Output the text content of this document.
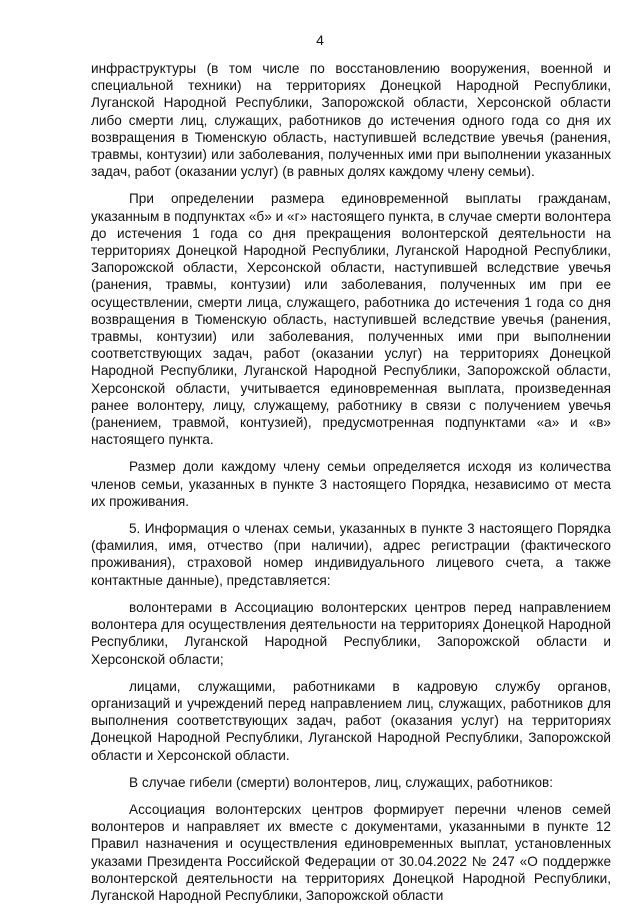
4

инфраструктуры (в том числе по восстановлению вооружения, военной и специальной техники) на территориях Донецкой Народной Республики, Луганской Народной Республики, Запорожской области, Херсонской области либо смерти лиц, служащих, работников до истечения одного года со дня их возвращения в Тюменскую область, наступившей вследствие увечья (ранения, травмы, контузии) или заболевания, полученных ими при выполнении указанных задач, работ (оказании услуг) (в равных долях каждому члену семьи).

При определении размера единовременной выплаты гражданам, указанным в подпунктах «б» и «г» настоящего пункта, в случае смерти волонтера до истечения 1 года со дня прекращения волонтерской деятельности на территориях Донецкой Народной Республики, Луганской Народной Республики, Запорожской области, Херсонской области, наступившей вследствие увечья (ранения, травмы, контузии) или заболевания, полученных им при ее осуществлении, смерти лица, служащего, работника до истечения 1 года со дня возвращения в Тюменскую область, наступившей вследствие увечья (ранения, травмы, контузии) или заболевания, полученных ими при выполнении соответствующих задач, работ (оказании услуг) на территориях Донецкой Народной Республики, Луганской Народной Республики, Запорожской области, Херсонской области, учитывается единовременная выплата, произведенная ранее волонтеру, лицу, служащему, работнику в связи с получением увечья (ранением, травмой, контузией), предусмотренная подпунктами «а» и «в» настоящего пункта.

Размер доли каждому члену семьи определяется исходя из количества членов семьи, указанных в пункте 3 настоящего Порядка, независимо от места их проживания.

5. Информация о членах семьи, указанных в пункте 3 настоящего Порядка (фамилия, имя, отчество (при наличии), адрес регистрации (фактического проживания), страховой номер индивидуального лицевого счета, а также контактные данные), представляется:

волонтерами в Ассоциацию волонтерских центров перед направлением волонтера для осуществления деятельности на территориях Донецкой Народной Республики, Луганской Народной Республики, Запорожской области и Херсонской области;

лицами, служащими, работниками в кадровую службу органов, организаций и учреждений перед направлением лиц, служащих, работников для выполнения соответствующих задач, работ (оказания услуг) на территориях Донецкой Народной Республики, Луганской Народной Республики, Запорожской области и Херсонской области.

В случае гибели (смерти) волонтеров, лиц, служащих, работников:

Ассоциация волонтерских центров формирует перечни членов семей волонтеров и направляет их вместе с документами, указанными в пункте 12 Правил назначения и осуществления единовременных выплат, установленных указами Президента Российской Федерации от 30.04.2022 № 247 «О поддержке волонтерской деятельности на территориях Донецкой Народной Республики, Луганской Народной Республики, Запорожской области
